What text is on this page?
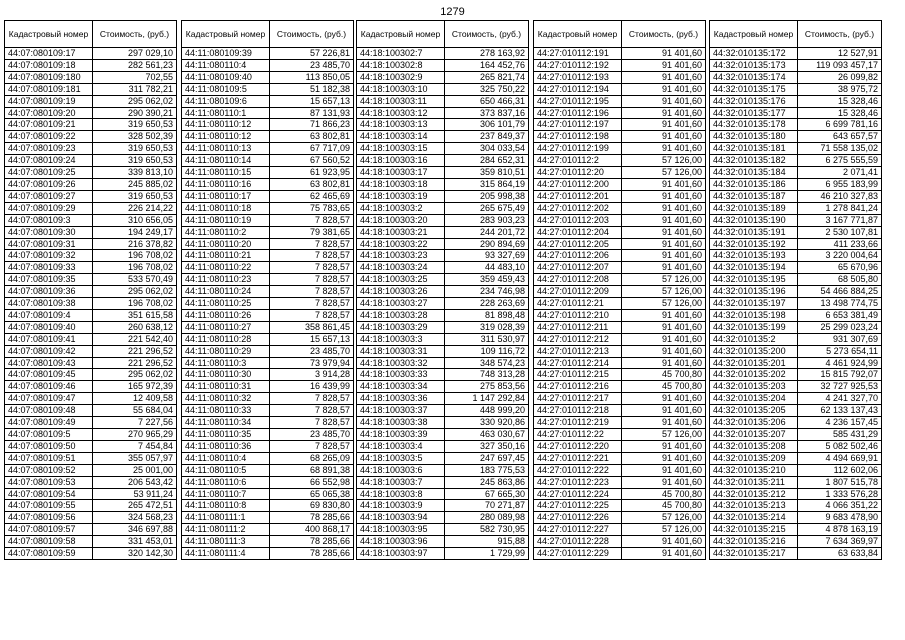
1279
Кадастровый номер	Стоимость, (руб.)
44:07:080109:17	297 029,10
44:07:080109:18	282 561,23
44:07:080109:180	702,55
44:07:080109:181	311 782,21
44:07:080109:19	295 062,02
44:07:080109:20	290 390,21
44:07:080109:21	319 650,53
44:07:080109:22	328 502,39
44:07:080109:23	319 650,53
44:07:080109:24	319 650,53
44:07:080109:25	339 813,10
44:07:080109:26	245 885,02
44:07:080109:27	319 650,53
44:07:080109:29	226 214,22
44:07:080109:3	310 656,05
44:07:080109:30	194 249,17
44:07:080109:31	216 378,82
44:07:080109:32	196 708,02
44:07:080109:33	196 708,02
44:07:080109:35	533 570,49
44:07:080109:36	295 062,02
44:07:080109:38	196 708,02
44:07:080109:4	351 615,58
44:07:080109:40	260 638,12
44:07:080109:41	221 542,40
44:07:080109:42	221 296,52
44:07:080109:43	221 296,52
44:07:080109:45	295 062,02
44:07:080109:46	165 972,39
44:07:080109:47	12 409,58
44:07:080109:48	55 684,04
44:07:080109:49	7 227,56
44:07:080109:5	270 965,29
44:07:080109:50	7 454,84
44:07:080109:51	355 057,97
44:07:080109:52	25 001,00
44:07:080109:53	206 543,42
44:07:080109:54	53 911,24
44:07:080109:55	265 472,51
44:07:080109:56	324 568,23
44:07:080109:57	346 697,88
44:07:080109:58	331 453,01
44:07:080109:59	320 142,30
Кадастровый номер	Стоимость, (руб.)
44:11:080109:39	57 226,81
44:11:080110:4	23 485,70
44:11:080109:40	113 850,05
44:11:080109:5	51 182,38
44:11:080109:6	15 657,13
44:11:080110:1	87 131,93
44:11:080110:12	71 866,23
44:11:080110:12	63 802,81
44:11:080110:13	67 717,09
44:11:080110:14	67 560,52
44:11:080110:15	61 923,95
44:11:080110:16	63 802,81
44:11:080110:17	62 465,69
44:11:080110:18	75 783,65
44:11:080110:19	7 828,57
44:11:080110:2	79 381,65
44:11:080110:20	7 828,57
44:11:080110:21	7 828,57
44:11:080110:22	7 828,57
44:11:080110:23	7 828,57
44:11:080110:24	7 828,57
44:11:080110:25	7 828,57
44:11:080110:26	7 828,57
44:11:080110:27	358 861,45
44:11:080110:28	15 657,13
44:11:080110:29	23 485,70
44:11:080110:3	73 979,94
44:11:080110:30	3 914,28
44:11:080110:31	16 439,99
44:11:080110:32	7 828,57
44:11:080110:33	7 828,57
44:11:080110:34	7 828,57
44:11:080110:35	23 485,70
44:11:080110:36	7 828,57
44:11:080110:4	68 265,09
44:11:080110:5	68 891,38
44:11:080110:6	66 552,98
44:11:080110:7	65 065,38
44:11:080110:8	69 830,80
44:11:080111:1	78 285,66
44:11:080111:2	400 868,17
44:11:080111:3	78 285,66
44:11:080111:4	78 285,66
Кадастровый номер	Стоимость, (руб.)
44:18:100302:7	278 163,92
44:18:100302:8	164 452,76
44:18:100302:9	265 821,74
44:18:100303:10	325 750,22
44:18:100303:11	650 466,31
44:18:100303:12	373 837,16
44:18:100303:13	306 101,79
44:18:100303:14	237 849,37
44:18:100303:15	304 033,54
44:18:100303:16	284 652,31
44:18:100303:17	359 810,51
44:18:100303:18	315 864,19
44:18:100303:19	205 998,38
44:18:100303:2	265 675,49
44:18:100303:20	283 903,23
44:18:100303:21	244 201,72
44:18:100303:22	290 894,69
44:18:100303:23	93 327,69
44:18:100303:24	44 483,10
44:18:100303:25	359 459,43
44:18:100303:26	234 746,98
44:18:100303:27	228 263,69
44:18:100303:28	81 898,48
44:18:100303:29	319 028,39
44:18:100303:3	311 530,97
44:18:100303:31	109 116,72
44:18:100303:32	348 574,23
44:18:100303:33	748 313,28
44:18:100303:34	275 853,56
44:18:100303:36	1 147 292,84
44:18:100303:37	448 999,20
44:18:100303:38	330 920,86
44:18:100303:39	463 030,67
44:18:100303:4	327 350,16
44:18:100303:5	247 697,45
44:18:100303:6	183 775,53
44:18:100303:7	245 863,86
44:18:100303:8	67 665,30
44:18:100303:9	70 271,87
44:18:100303:94	280 089,98
44:18:100303:95	582 730,95
44:18:100303:96	915,88
44:18:100303:97	1 729,99
Кадастровый номер	Стоимость, (руб.)
44:27:010112:191	91 401,60
44:27:010112:192	91 401,60
44:27:010112:193	91 401,60
44:27:010112:194	91 401,60
44:27:010112:195	91 401,60
44:27:010112:196	91 401,60
44:27:010112:197	91 401,60
44:27:010112:198	91 401,60
44:27:010112:199	91 401,60
44:27:010112:2	57 126,00
44:27:010112:20	57 126,00
44:27:010112:200	91 401,60
44:27:010112:201	91 401,60
44:27:010112:202	91 401,60
44:27:010112:203	91 401,60
44:27:010112:204	91 401,60
44:27:010112:205	91 401,60
44:27:010112:206	91 401,60
44:27:010112:207	91 401,60
44:27:010112:208	57 126,00
44:27:010112:209	57 126,00
44:27:010112:21	57 126,00
44:27:010112:210	91 401,60
44:27:010112:211	91 401,60
44:27:010112:212	91 401,60
44:27:010112:213	91 401,60
44:27:010112:214	91 401,60
44:27:010112:215	45 700,80
44:27:010112:216	45 700,80
44:27:010112:217	91 401,60
44:27:010112:218	91 401,60
44:27:010112:219	91 401,60
44:27:010112:22	57 126,00
44:27:010112:220	91 401,60
44:27:010112:221	91 401,60
44:27:010112:222	91 401,60
44:27:010112:223	91 401,60
44:27:010112:224	45 700,80
44:27:010112:225	45 700,80
44:27:010112:226	57 126,00
44:27:010112:227	57 126,00
44:27:010112:228	91 401,60
44:27:010112:229	91 401,60
Кадастровый номер	Стоимость, (руб.)
44:32:010135:172	12 527,91
44:32:010135:173	119 093 457,17
44:32:010135:174	26 099,82
44:32:010135:175	38 975,72
44:32:010135:176	15 328,46
44:32:010135:177	15 328,46
44:32:010135:178	6 699 781,16
44:32:010135:180	643 657,57
44:32:010135:181	71 558 135,02
44:32:010135:182	6 275 555,59
44:32:010135:184	2 071,41
44:32:010135:186	6 955 183,99
44:32:010135:187	46 210 327,83
44:32:010135:189	1 278 841,24
44:32:010135:190	3 167 771,87
44:32:010135:191	2 530 107,81
44:32:010135:192	411 233,66
44:32:010135:193	3 220 004,64
44:32:010135:194	65 670,96
44:32:010135:195	68 505,80
44:32:010135:196	54 466 884,25
44:32:010135:197	13 498 774,75
44:32:010135:198	6 653 381,49
44:32:010135:199	25 299 023,24
44:32:010135:2	931 307,69
44:32:010135:200	5 273 654,11
44:32:010135:201	4 461 924,99
44:32:010135:202	15 815 792,07
44:32:010135:203	32 727 925,53
44:32:010135:204	4 241 327,70
44:32:010135:205	62 133 137,43
44:32:010135:206	4 236 157,45
44:32:010135:207	585 431,29
44:32:010135:208	5 082 502,46
44:32:010135:209	4 494 669,91
44:32:010135:210	112 602,06
44:32:010135:211	1 807 515,78
44:32:010135:212	1 333 576,28
44:32:010135:213	4 066 351,22
44:32:010135:214	9 683 478,90
44:32:010135:215	4 878 163,19
44:32:010135:216	7 634 369,97
44:32:010135:217	63 633,84
